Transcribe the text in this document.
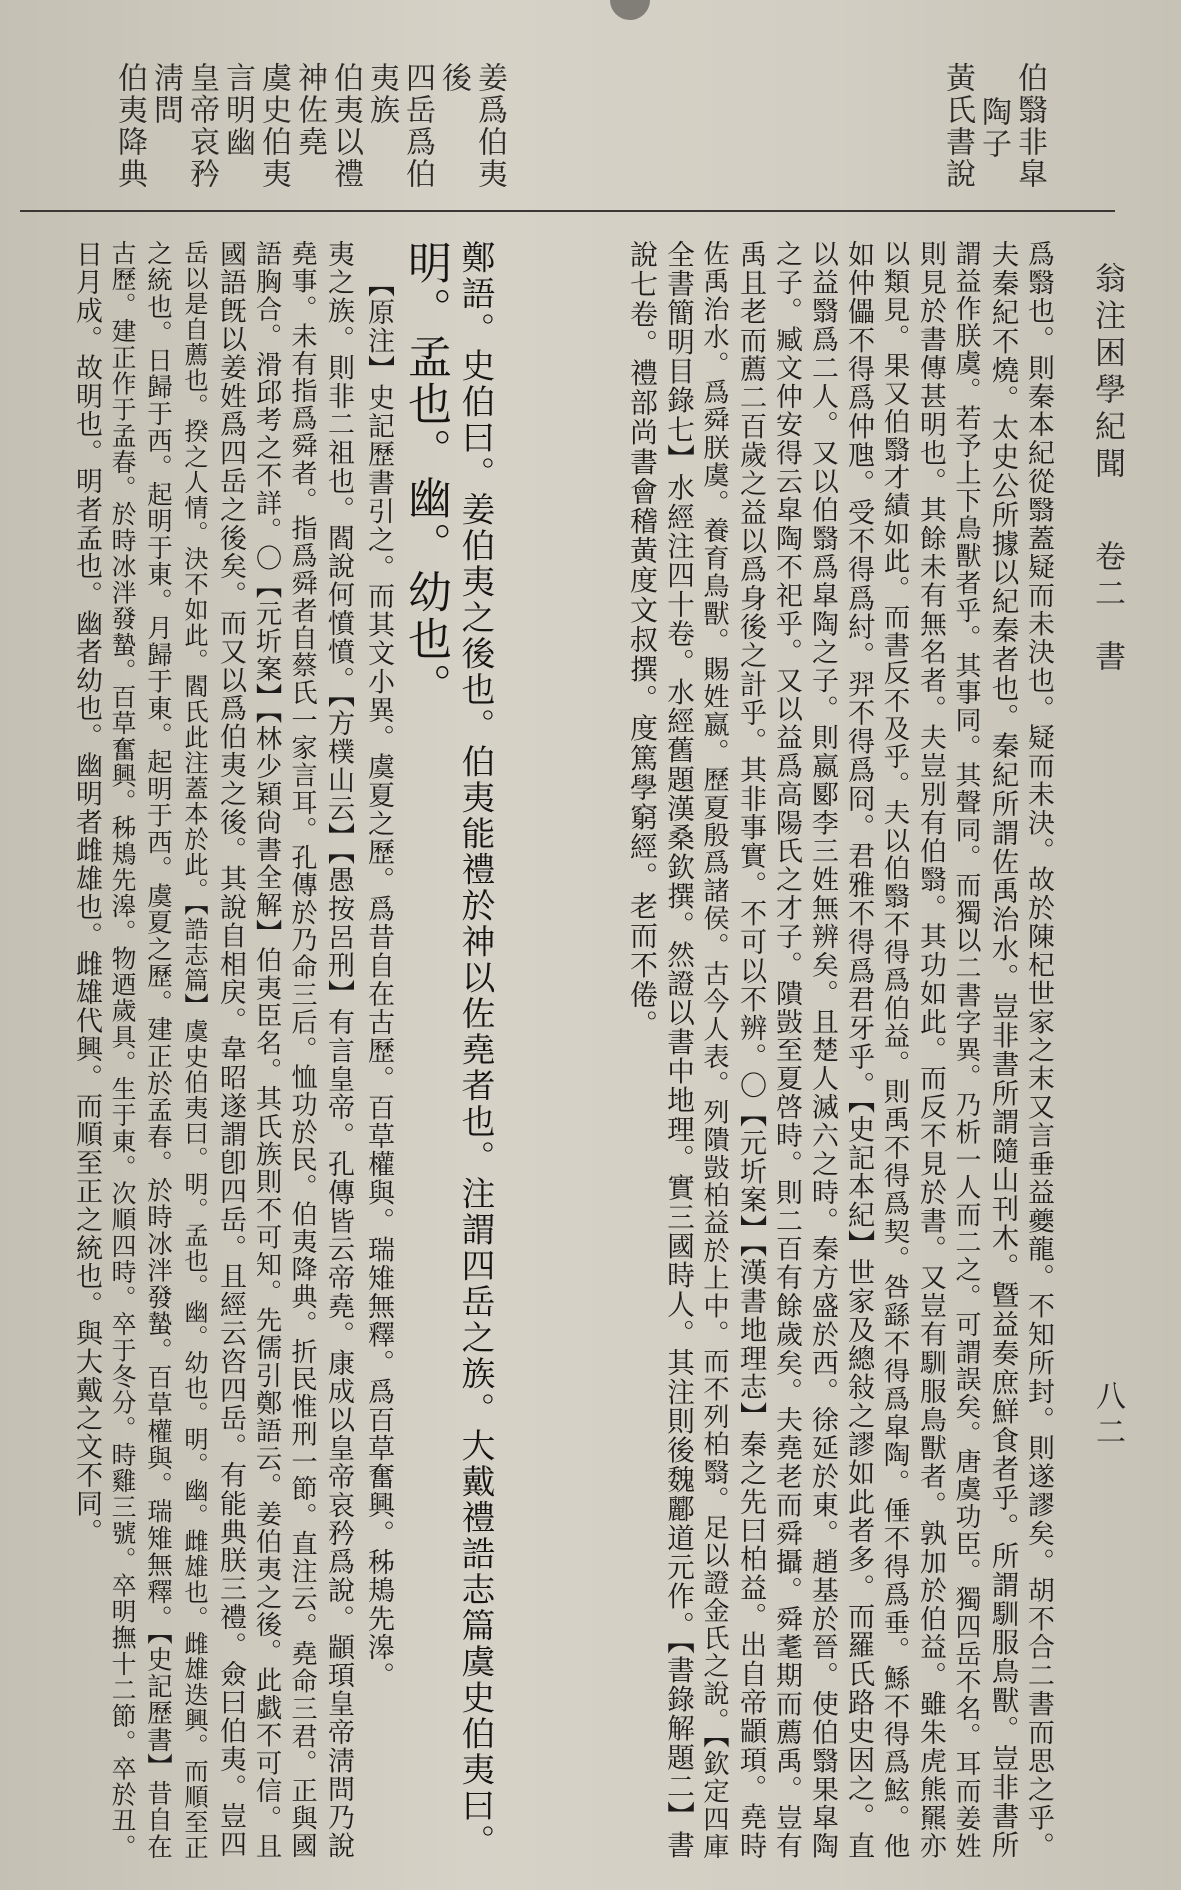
伯翳非皐
陶子
黃氏書說
姜爲伯夷
後
四岳爲伯
夷族
伯夷以禮
神佐堯
虞史伯夷
言明幽
皇帝哀矜
淸問
伯夷降典
翁注困學紀聞
卷二
書
八二
爲翳也。則秦本紀從翳蓋疑而未決也。疑而未決。故於陳杞世家之末又言垂益夔龍。不知所封。則遂謬矣。胡不合二書而思之乎。
夫秦紀不燒。太史公所據以紀秦者也。秦紀所謂佐禹治水。豈非書所謂隨山刊木。曁益奏庶鮮食者乎。所謂馴服鳥獸。豈非書所
謂益作朕虞。若予上下鳥獸者乎。其事同。其聲同。而獨以二書字異。乃析一人而二之。可謂誤矣。唐虞功臣。獨四岳不名。耳而姜姓
則見於書傳甚明也。其餘未有無名者。夫豈別有伯翳。其功如此。而反不見於書。又豈有馴服鳥獸者。孰加於伯益。雖朱虎熊羆亦
以類見。果又伯翳才績如此。而書反不及乎。夫以伯翳不得爲伯益。則禹不得爲契。咎繇不得爲皐陶。倕不得爲垂。鯀不得爲鮌。他
如仲儡不得爲仲虺。受不得爲紂。羿不得爲冏。君雅不得爲君牙乎。【史記本紀】世家及總敍之謬如此者多。而羅氏路史因之。直
以益翳爲二人。又以伯翳爲皐陶之子。則嬴郾李三姓無辨矣。且楚人滅六之時。秦方盛於西。徐延於東。趙基於晉。使伯翳果皐陶
之子。臧文仲安得云皐陶不祀乎。又以益爲高陽氏之才子。隤敱至夏啓時。則二百有餘歲矣。夫堯老而舜攝。舜耄期而薦禹。豈有
禹且老而薦二百歲之益以爲身後之計乎。其非事實。不可以不辨。〇【元圻案】【漢書地理志】秦之先曰柏益。出自帝顓頊。堯時
佐禹治水。爲舜朕虞。養育鳥獸。賜姓嬴。歷夏殷爲諸侯。古今人表。列隤敱柏益於上中。而不列柏翳。足以證金氏之說。【欽定四庫
全書簡明目錄七】水經注四十卷。水經舊題漢桑欽撰。然證以書中地理。實三國時人。其注則後魏酈道元作。【書錄解題二】書
說七卷。禮部尚書會稽黃度文叔撰。度篤學窮經。老而不倦。
鄭語。史伯曰。姜伯夷之後也。伯夷能禮於神以佐堯者也。注謂四岳之族。大戴禮誥志篇虞史伯夷曰。
明。孟也。幽。幼也。
【原注】史記歷書引之。而其文小異。虞夏之歷。爲昔自在古歷。百草權與。瑞雉無釋。爲百草奮興。秭鳺先滜。
夷之族。則非二祖也。閻說何憤憤。【方樸山云】【愚按呂刑】有言皇帝。孔傳皆云帝堯。康成以皇帝哀矜爲說。顓頊皇帝淸問乃說
堯事。未有指爲舜者。指爲舜者自蔡氏一家言耳。孔傳於乃命三后。恤功於民。伯夷降典。折民惟刑一節。直注云。堯命三君。正與國
語胸合。滑邱考之不詳。〇【元圻案】【林少穎尙書全解】伯夷臣名。其氏族則不可知。先儒引鄭語云。姜伯夷之後。此戱不可信。且
國語旣以姜姓爲四岳之後矣。而又以爲伯夷之後。其說自相戻。韋昭遂謂卽四岳。且經云咨四岳。有能典朕三禮。僉曰伯夷。豈四
岳以是自薦也。揆之人情。決不如此。閻氏此注蓋本於此。【誥志篇】虞史伯夷曰。明。孟也。幽。幼也。明。幽。雌雄也。雌雄迭興。而順至正
之統也。日歸于西。起明于東。月歸于東。起明于西。虞夏之歷。建正於孟春。於時冰泮發蟄。百草權與。瑞雉無釋。【史記歷書】昔自在
古歷。建正作于孟春。於時冰泮發蟄。百草奮興。秭鳺先滜。物迺歲具。生于東。次順四時。卒于冬分。時雞三號。卒明撫十二節。卒於丑。
日月成。故明也。明者孟也。幽者幼也。幽明者雌雄也。雌雄代興。而順至正之統也。與大戴之文不同。
